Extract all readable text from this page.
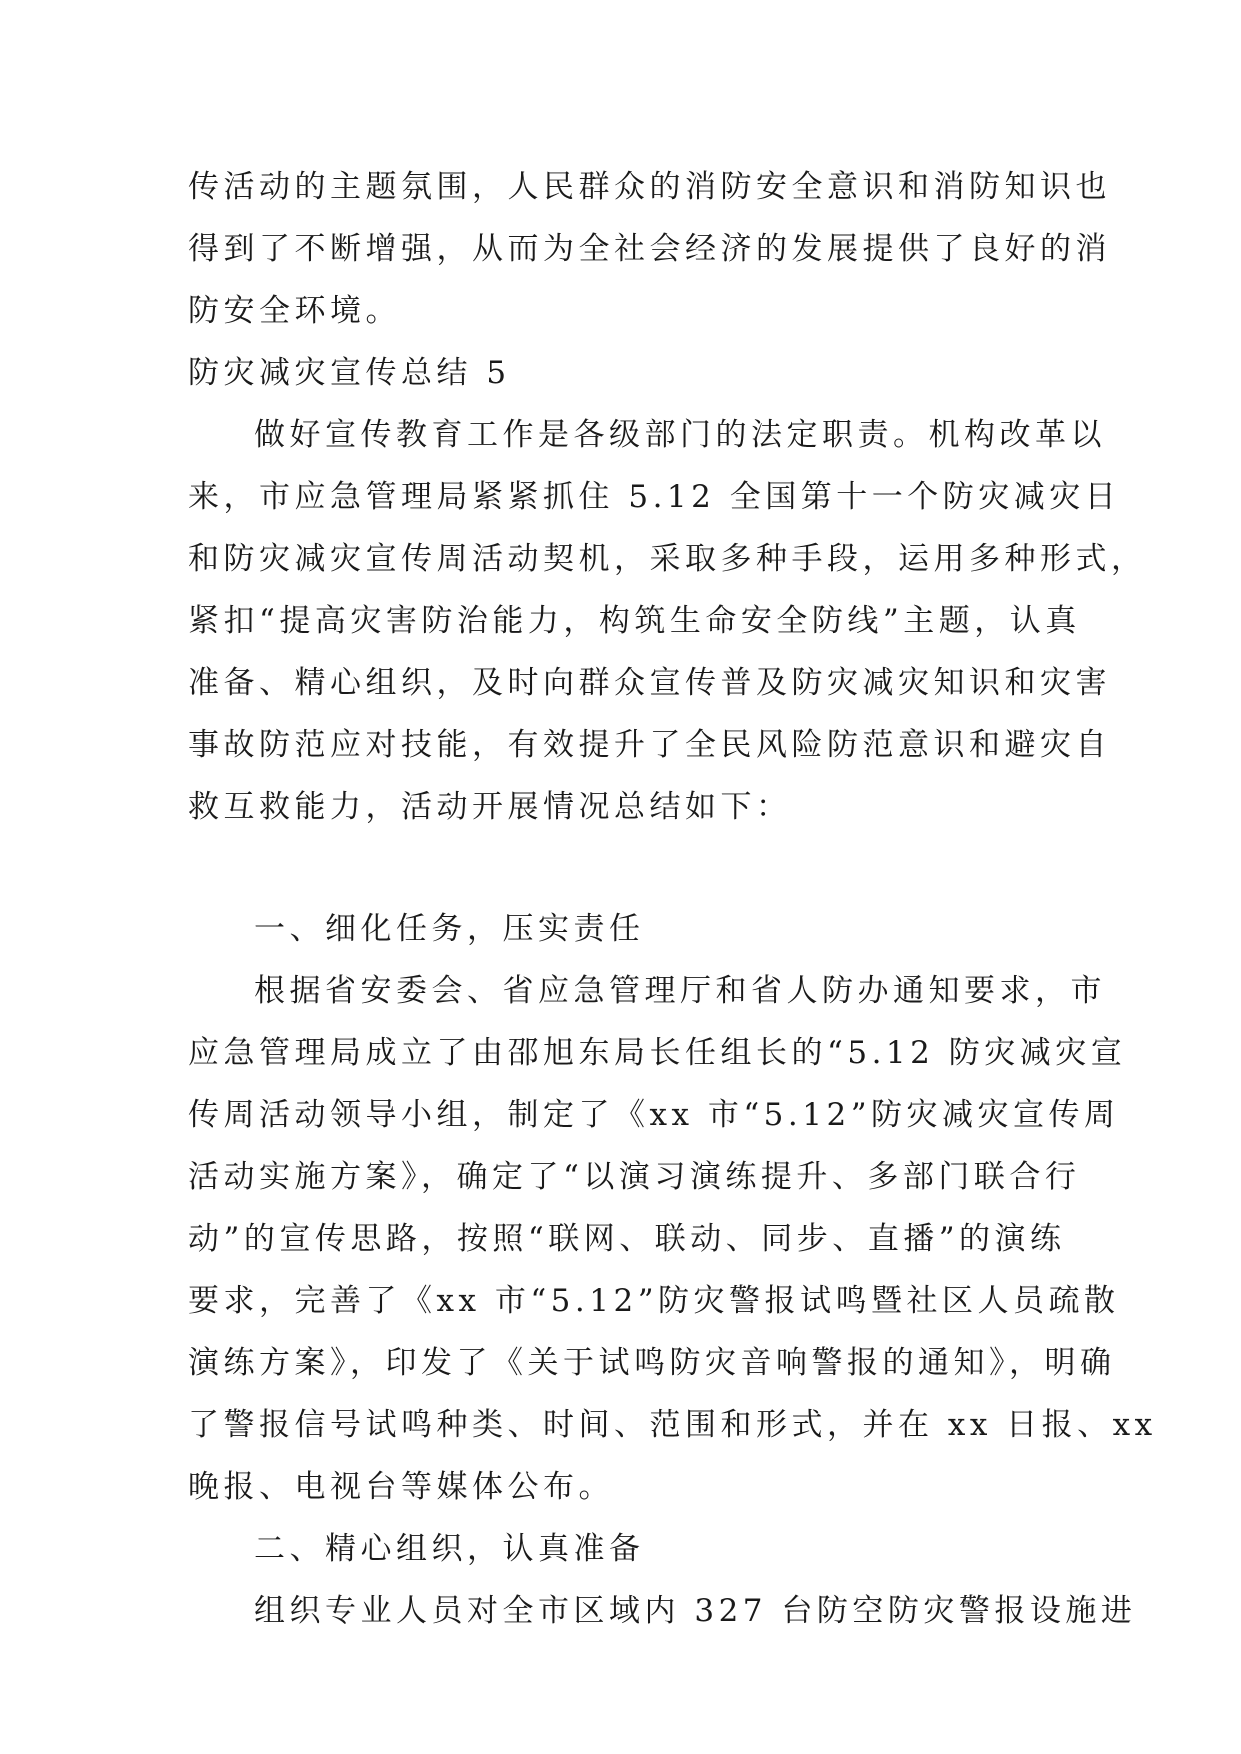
传活动的主题氛围，人民群众的消防安全意识和消防知识也
得到了不断增强，从而为全社会经济的发展提供了良好的消
防安全环境。
防灾减灾宣传总结 5
做好宣传教育工作是各级部门的法定职责。机构改革以
来，市应急管理局紧紧抓住 5.12 全国第十一个防灾减灾日
和防灾减灾宣传周活动契机，采取多种手段，运用多种形式，
紧扣“提高灾害防治能力，构筑生命安全防线”主题，认真
准备、精心组织，及时向群众宣传普及防灾减灾知识和灾害
事故防范应对技能，有效提升了全民风险防范意识和避灾自
救互救能力，活动开展情况总结如下：
一、细化任务，压实责任
根据省安委会、省应急管理厅和省人防办通知要求，市
应急管理局成立了由邵旭东局长任组长的“5.12 防灾减灾宣
传周活动领导小组，制定了《xx 市“5.12”防灾减灾宣传周
活动实施方案》，确定了“以演习演练提升、多部门联合行
动”的宣传思路，按照“联网、联动、同步、直播”的演练
要求，完善了《xx 市“5.12”防灾警报试鸣暨社区人员疏散
演练方案》，印发了《关于试鸣防灾音响警报的通知》，明确
了警报信号试鸣种类、时间、范围和形式，并在 xx 日报、xx
晚报、电视台等媒体公布。
二、精心组织，认真准备
组织专业人员对全市区域内 327 台防空防灾警报设施进
